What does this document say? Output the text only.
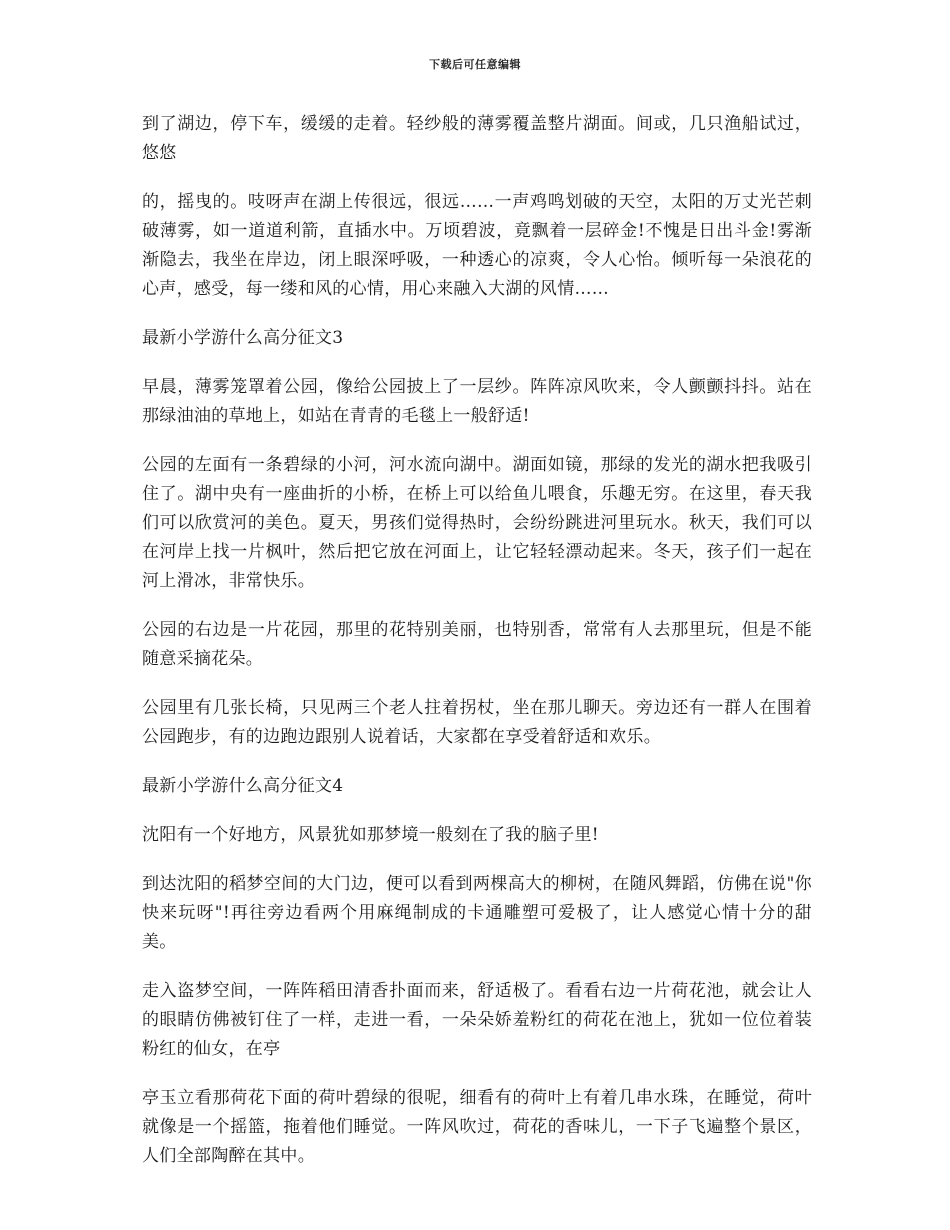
下载后可任意编辑

到了湖边，停下车，缓缓的走着。轻纱般的薄雾覆盖整片湖面。间或，几只渔船试过，悠悠

的，摇曳的。吱呀声在湖上传很远，很远……一声鸡鸣划破的天空，太阳的万丈光芒刺破薄雾，如一道道利箭，直插水中。万顷碧波，竟飘着一层碎金!不愧是日出斗金!雾渐渐隐去，我坐在岸边，闭上眼深呼吸，一种透心的凉爽，令人心怡。倾听每一朵浪花的心声，感受，每一缕和风的心情，用心来融入大湖的风情……

最新小学游什么高分征文3

早晨，薄雾笼罩着公园，像给公园披上了一层纱。阵阵凉风吹来，令人颤颤抖抖。站在那绿油油的草地上，如站在青青的毛毯上一般舒适!

公园的左面有一条碧绿的小河，河水流向湖中。湖面如镜，那绿的发光的湖水把我吸引住了。湖中央有一座曲折的小桥，在桥上可以给鱼儿喂食，乐趣无穷。在这里，春天我们可以欣赏河的美色。夏天，男孩们觉得热时，会纷纷跳进河里玩水。秋天，我们可以在河岸上找一片枫叶，然后把它放在河面上，让它轻轻漂动起来。冬天，孩子们一起在河上滑冰，非常快乐。

公园的右边是一片花园，那里的花特别美丽，也特别香，常常有人去那里玩，但是不能随意采摘花朵。

公园里有几张长椅，只见两三个老人拄着拐杖，坐在那儿聊天。旁边还有一群人在围着公园跑步，有的边跑边跟别人说着话，大家都在享受着舒适和欢乐。

最新小学游什么高分征文4

沈阳有一个好地方，风景犹如那梦境一般刻在了我的脑子里!

到达沈阳的稻梦空间的大门边，便可以看到两棵高大的柳树，在随风舞蹈，仿佛在说"你快来玩呀"!再往旁边看两个用麻绳制成的卡通雕塑可爱极了，让人感觉心情十分的甜美。

走入盗梦空间，一阵阵稻田清香扑面而来，舒适极了。看看右边一片荷花池，就会让人的眼睛仿佛被钉住了一样，走进一看，一朵朵娇羞粉红的荷花在池上，犹如一位位着装粉红的仙女，在亭

亭玉立看那荷花下面的荷叶碧绿的很呢，细看有的荷叶上有着几串水珠，在睡觉，荷叶就像是一个摇篮，拖着他们睡觉。一阵风吹过，荷花的香味儿，一下子飞遍整个景区，人们全部陶醉在其中。
